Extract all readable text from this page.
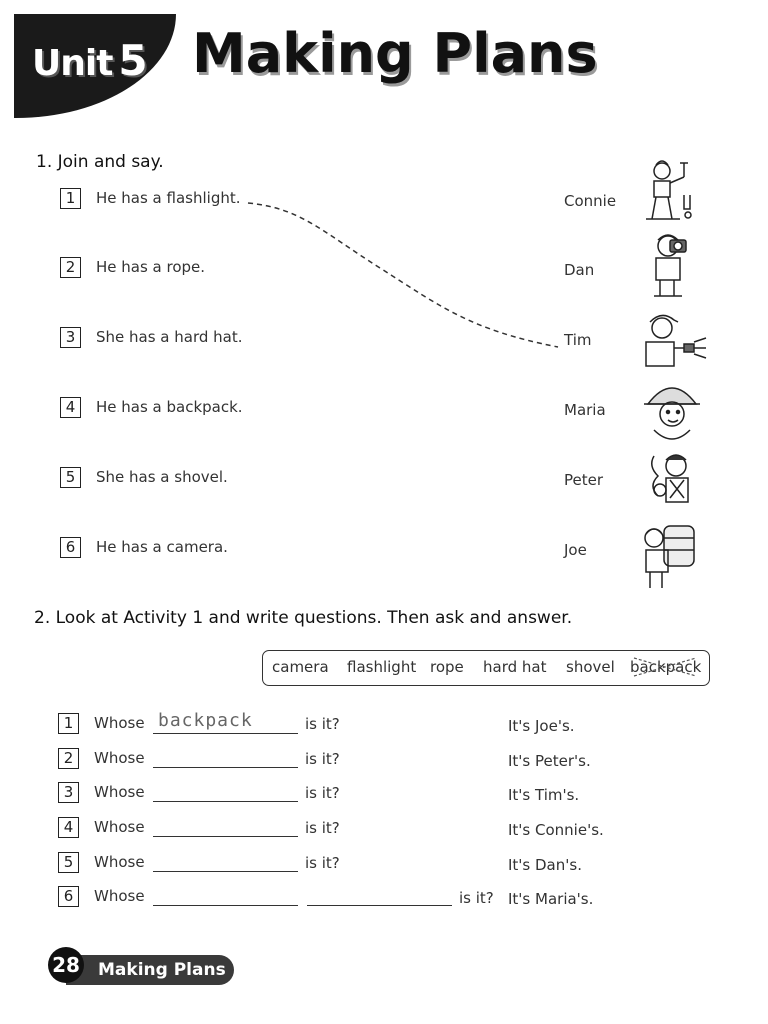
Unit 5 Making Plans
1. Join and say.
1	He has a flashlight.
2	He has a rope.
3	She has a hard hat.
4	He has a backpack.
5	She has a shovel.
6	He has a camera.
Connie
Dan
Tim
Maria
Peter
Joe
2. Look at Activity 1 and write questions. Then ask and answer.
camera flashlight rope hard hat shovel backpack
1	Whose backpack	is it?	It's Joe's.
2	Whose	is it?	It's Peter's.
3	Whose	is it?	It's Tim's.
4	Whose	is it?	It's Connie's.
5	Whose	is it?	It's Dan's.
6	Whose	is it? It's Maria's.
28 Making Plans
